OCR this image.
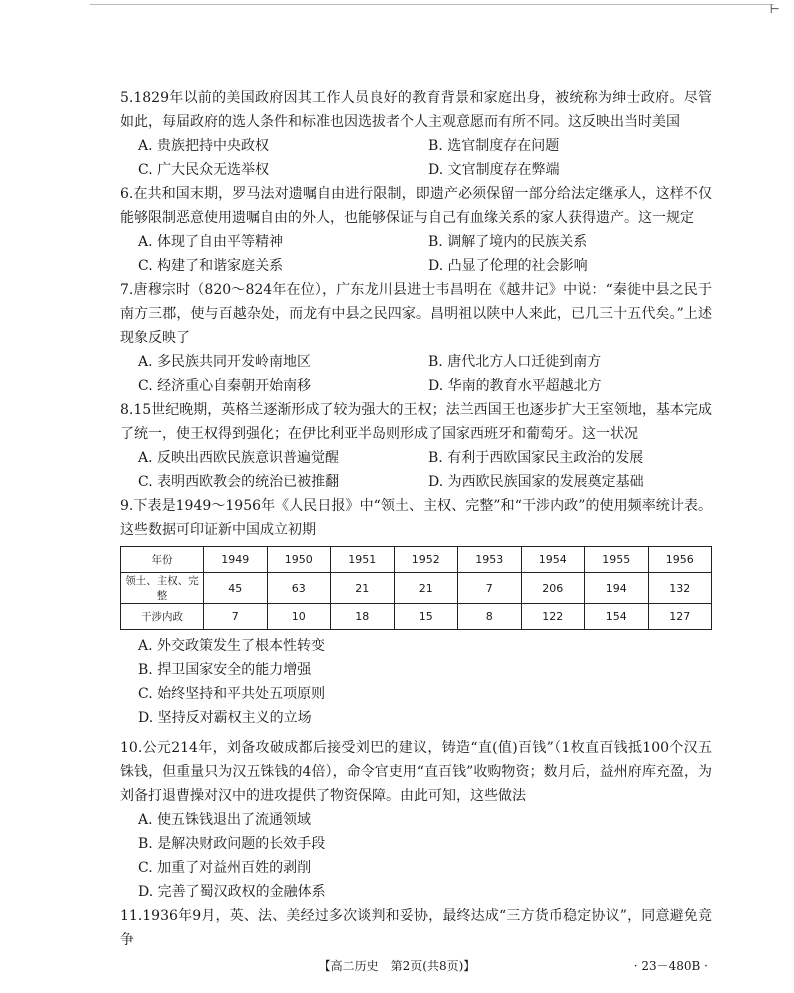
⊢
5.1829年以前的美国政府因其工作人员良好的教育背景和家庭出身，被统称为绅士政府。尽管如此，每届政府的选人条件和标准也因选拔者个人主观意愿而有所不同。这反映出当时美国
A. 贵族把持中央政权	B. 选官制度存在问题
C. 广大民众无选举权	D. 文官制度存在弊端
6.在共和国末期，罗马法对遗嘱自由进行限制，即遗产必须保留一部分给法定继承人，这样不仅能够限制恶意使用遗嘱自由的外人，也能够保证与自己有血缘关系的家人获得遗产。这一规定
A. 体现了自由平等精神	B. 调解了境内的民族关系
C. 构建了和谐家庭关系	D. 凸显了伦理的社会影响
7.唐穆宗时（820～824年在位），广东龙川县进士韦昌明在《越井记》中说：“秦徙中县之民于南方三郡，使与百越杂处，而龙有中县之民四家。昌明祖以陕中人来此，已几三十五代矣。”上述现象反映了
A. 多民族共同开发岭南地区	B. 唐代北方人口迁徙到南方
C. 经济重心自秦朝开始南移	D. 华南的教育水平超越北方
8.15世纪晚期，英格兰逐渐形成了较为强大的王权；法兰西国王也逐步扩大王室领地，基本完成了统一，使王权得到强化；在伊比利亚半岛则形成了国家西班牙和葡萄牙。这一状况
A. 反映出西欧民族意识普遍觉醒	B. 有利于西欧国家民主政治的发展
C. 表明西欧教会的统治已被推翻	D. 为西欧民族国家的发展奠定基础
9.下表是1949～1956年《人民日报》中“领土、主权、完整”和“干涉内政”的使用频率统计表。这些数据可印证新中国成立初期
年份	1949	1950	1951	1952	1953	1954	1955	1956
领土、主权、完整	45	63	21	21	7	206	194	132
干涉内政	7	10	18	15	8	122	154	127
A. 外交政策发生了根本性转变
B. 捍卫国家安全的能力增强
C. 始终坚持和平共处五项原则
D. 坚持反对霸权主义的立场
10.公元214年，刘备攻破成都后接受刘巴的建议，铸造“直(值)百钱”（1枚直百钱抵100个汉五铢钱，但重量只为汉五铢钱的4倍），命令官吏用“直百钱”收购物资；数月后，益州府库充盈，为刘备打退曹操对汉中的进攻提供了物资保障。由此可知，这些做法
A. 使五铢钱退出了流通领域
B. 是解决财政问题的长效手段
C. 加重了对益州百姓的剥削
D. 完善了蜀汉政权的金融体系
11.1936年9月，英、法、美经过多次谈判和妥协，最终达成“三方货币稳定协议”，同意避免竞争
【高二历史　第2页(共8页)】	· 23－480B ·
